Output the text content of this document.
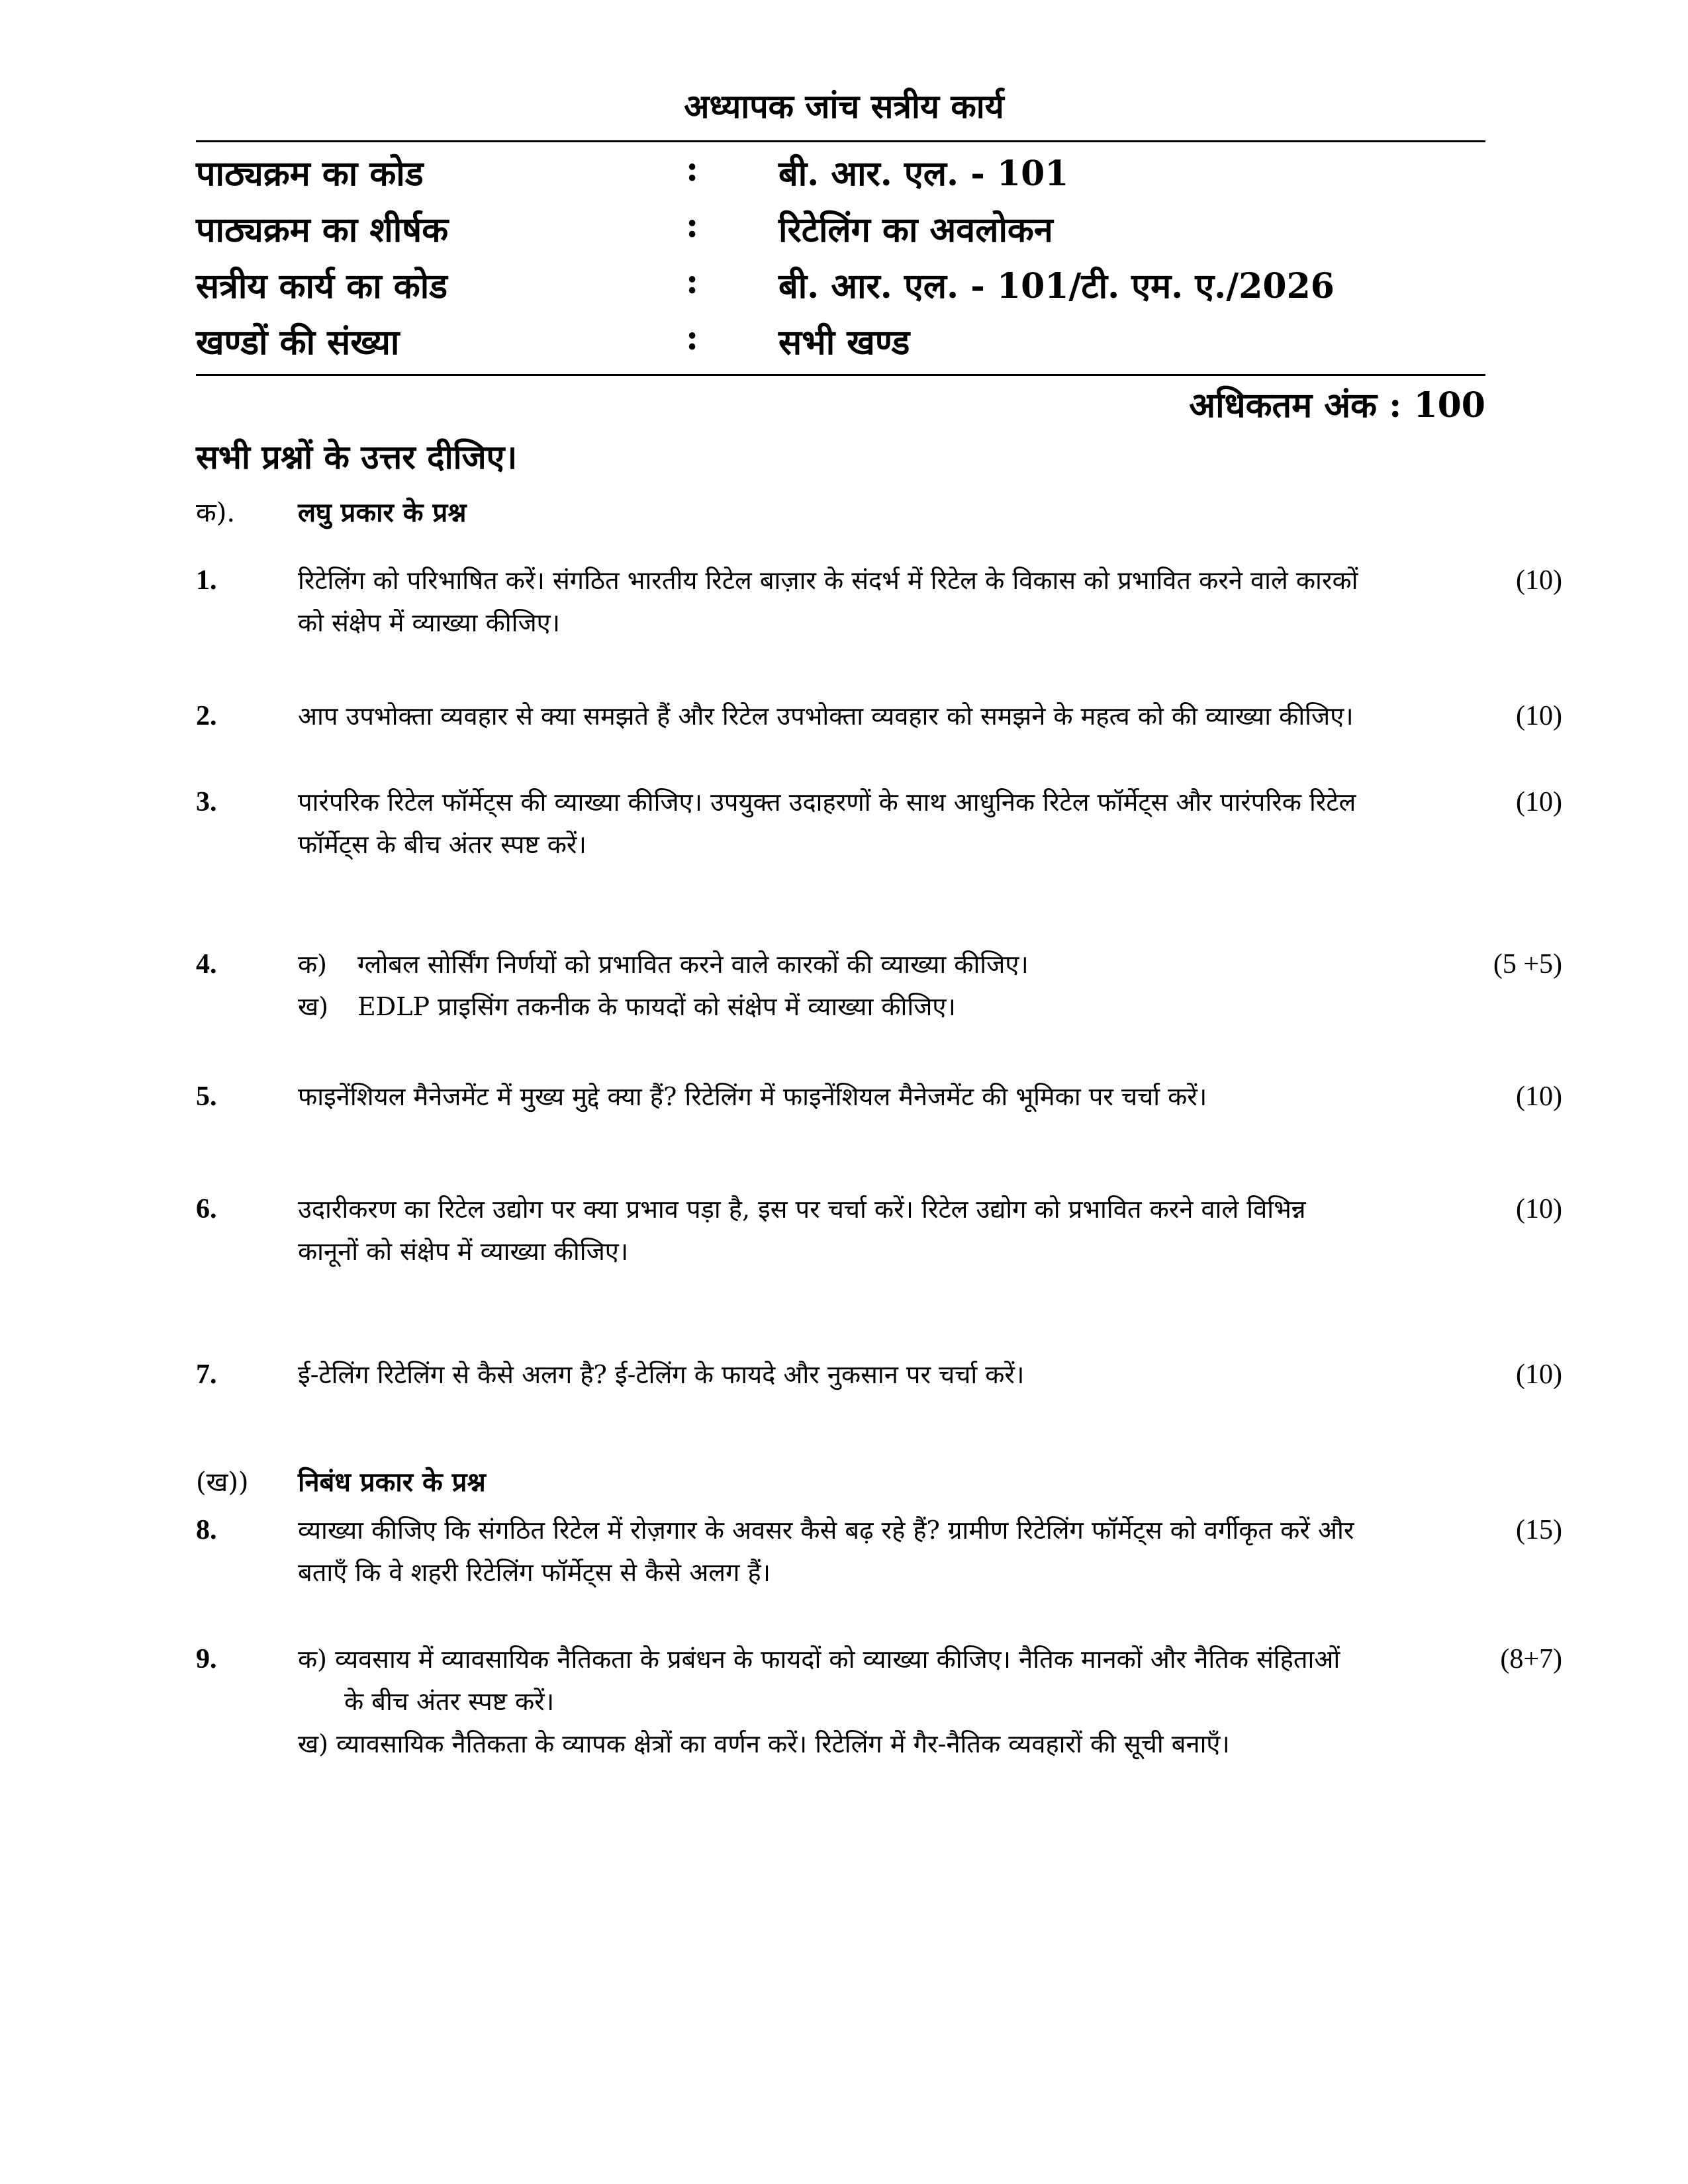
अध्यापक जांच सत्रीय कार्य
पाठ्यक्रम का कोड	: बी. आर. एल. - 101
पाठ्यक्रम का शीर्षक	: रिटेलिंग का अवलोकन
सत्रीय कार्य का कोड	: बी. आर. एल. - 101/टी. एम. ए./2026
खण्डों की संख्या	: सभी खण्ड
अधिकतम अंक : 100
सभी प्रश्नों के उत्तर दीजिए।
क). लघु प्रकार के प्रश्न
1.	रिटेलिंग को परिभाषित करें। संगठित भारतीय रिटेल बाज़ार के संदर्भ में रिटेल के विकास को प्रभावित करने वाले कारकों
को संक्षेप में व्याख्या कीजिए।
(10)
2.	आप उपभोक्ता व्यवहार से क्या समझते हैं और रिटेल उपभोक्ता व्यवहार को समझने के महत्व को की व्याख्या कीजिए।	(10)
3.	पारंपरिक रिटेल फॉर्मेट्स की व्याख्या कीजिए। उपयुक्त उदाहरणों के साथ आधुनिक रिटेल फॉर्मेट्स और पारंपरिक रिटेल
फॉर्मेट्स के बीच अंतर स्पष्ट करें।
(10)
4.	क) ग्लोबल सोर्सिंग निर्णयों को प्रभावित करने वाले कारकों की व्याख्या कीजिए।
ख) EDLP प्राइसिंग तकनीक के फायदों को संक्षेप में व्याख्या कीजिए।
(5 +5)
5.	फाइनेंशियल मैनेजमेंट में मुख्य मुद्दे क्या हैं? रिटेलिंग में फाइनेंशियल मैनेजमेंट की भूमिका पर चर्चा करें।	(10)
6.	उदारीकरण का रिटेल उद्योग पर क्या प्रभाव पड़ा है, इस पर चर्चा करें। रिटेल उद्योग को प्रभावित करने वाले विभिन्न
कानूनों को संक्षेप में व्याख्या कीजिए।
(10)
7.	ई-टेलिंग रिटेलिंग से कैसे अलग है? ई-टेलिंग के फायदे और नुकसान पर चर्चा करें।	(10)
(ख)) निबंध प्रकार के प्रश्न
8.	व्याख्या कीजिए कि संगठित रिटेल में रोज़गार के अवसर कैसे बढ़ रहे हैं? ग्रामीण रिटेलिंग फॉर्मेट्स को वर्गीकृत करें और
बताएँ कि वे शहरी रिटेलिंग फॉर्मेट्स से कैसे अलग हैं।
(15)
9.	क) व्यवसाय में व्यावसायिक नैतिकता के प्रबंधन के फायदों को व्याख्या कीजिए। नैतिक मानकों और नैतिक संहिताओं
के बीच अंतर स्पष्ट करें।
ख) व्यावसायिक नैतिकता के व्यापक क्षेत्रों का वर्णन करें। रिटेलिंग में गैर-नैतिक व्यवहारों की सूची बनाएँ।
(8+7)
